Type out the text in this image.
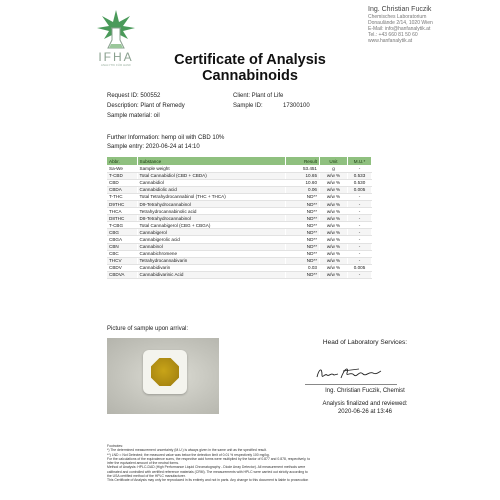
IFHA
ANALYTIK FÜR HANF
Ing. Christian Fuczik
Chemisches Laboratorium
Donaulände 2/14, 1020 Wien
E-Mail: info@hanfanalytik.at
Tel.: +43 660 81 50 60
www.hanfanalytik.at
Certificate of Analysis
Cannabinoids
Request ID: 500552	Client: Plant of Life
Description: Plant of Remedy	Sample ID:	17300100
Sample material: oil
Further Information: hemp oil with CBD 10%
Sample entry: 2020-06-24 at 14:10
Abbr.	Substance	Result	Unit	M.U.*
Sa-We	Sample weight	53.451	g	-
T-CBD	Total Cannabidiol (CBD + CBDA)	10.65	w/w %	0.533
CBD	Cannabidiol	10.60	w/w %	0.530
CBDA	Cannabidiolic acid	0.06	w/w %	0.005
T-THC	Total Tetrahydrocannabinol (THC + THCA)	ND**	w/w %	-
D9THC	D9-Tetrahydrocannabinol	ND**	w/w %	-
THCA	Tetrahydrocannabinolic acid	ND**	w/w %	-
D8THC	D8-Tetrahydrocannabinol	ND**	w/w %	-
T-CBG	Total Cannabigerol (CBG + CBGA)	ND**	w/w %	-
CBG	Cannabigerol	ND**	w/w %	-
CBGA	Cannabigerolic acid	ND**	w/w %	-
CBN	Cannabinol	ND**	w/w %	-
CBC	Cannabichromene	ND**	w/w %	-
THCV	Tetrahydrocannabivarin	ND**	w/w %	-
CBDV	Cannabidivarin	0.03	w/w %	0.005
CBDVA	Cannabidivarinic Acid	ND**	w/w %	-
Picture of sample upon arrival:
Head of Laboratory Services:
Ing. Christian Fuczik, Chemist
Analysis finalized and reviewed:
2020-06-26 at 13:46
Footnotes:
*) The determined measurement uncertainty (M.U.) is always given in the same unit as the specified result.
**) LND = Not Detected; the measured value was below the detection limit of 0.01 % respectively 100 mg/kg.
For the calculations of the equivalence sums, the respective acid forms were multiplied by the factor of 0.877 and 0.878, respectively, to
infer the equivalent amount of the neutral forms.
Method of Analysis: HPLC-DAD (High Performance Liquid Chromatography - Diode Array Detector). All measurement methods were
calibrated and controlled with certified reference materials (CRM). The measurements with HPLC were carried out strictly according to
the USA certified method of the HPLC manufacturer.
This Certificate of Analysis may only be reproduced in its entirety and not in parts. Any change to this document is liable to prosecution
